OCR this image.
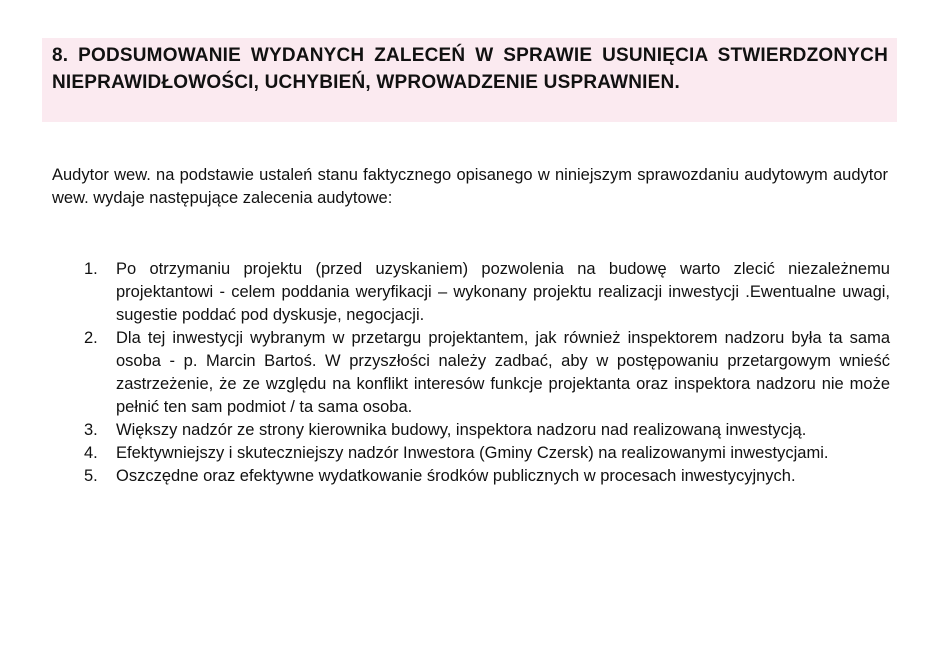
8. PODSUMOWANIE WYDANYCH ZALECEŃ W SPRAWIE USUNIĘCIA STWIERDZONYCH NIEPRAWIDŁOWOŚCI, UCHYBIEŃ, WPROWADZENIE USPRAWNIEN.

Audytor wew. na podstawie ustaleń stanu faktycznego opisanego w niniejszym sprawozdaniu audytowym audytor wew. wydaje następujące zalecenia audytowe:

1. Po otrzymaniu projektu (przed uzyskaniem) pozwolenia na budowę warto zlecić niezależnemu projektantowi - celem poddania weryfikacji – wykonany projektu realizacji inwestycji .Ewentualne uwagi, sugestie poddać pod dyskusje, negocjacji.
2. Dla tej inwestycji wybranym w przetargu projektantem, jak również inspektorem nadzoru była ta sama osoba - p. Marcin Bartoś. W przyszłości należy zadbać, aby w postępowaniu przetargowym wnieść zastrzeżenie, że ze względu na konflikt interesów funkcje projektanta oraz inspektora nadzoru nie może pełnić ten sam podmiot / ta sama osoba.
3. Większy nadzór ze strony kierownika budowy, inspektora nadzoru nad realizowaną inwestycją.
4. Efektywniejszy i skuteczniejszy nadzór Inwestora (Gminy Czersk) na realizowanymi inwestycjami.
5. Oszczędne oraz efektywne wydatkowanie środków publicznych w procesach inwestycyjnych.
